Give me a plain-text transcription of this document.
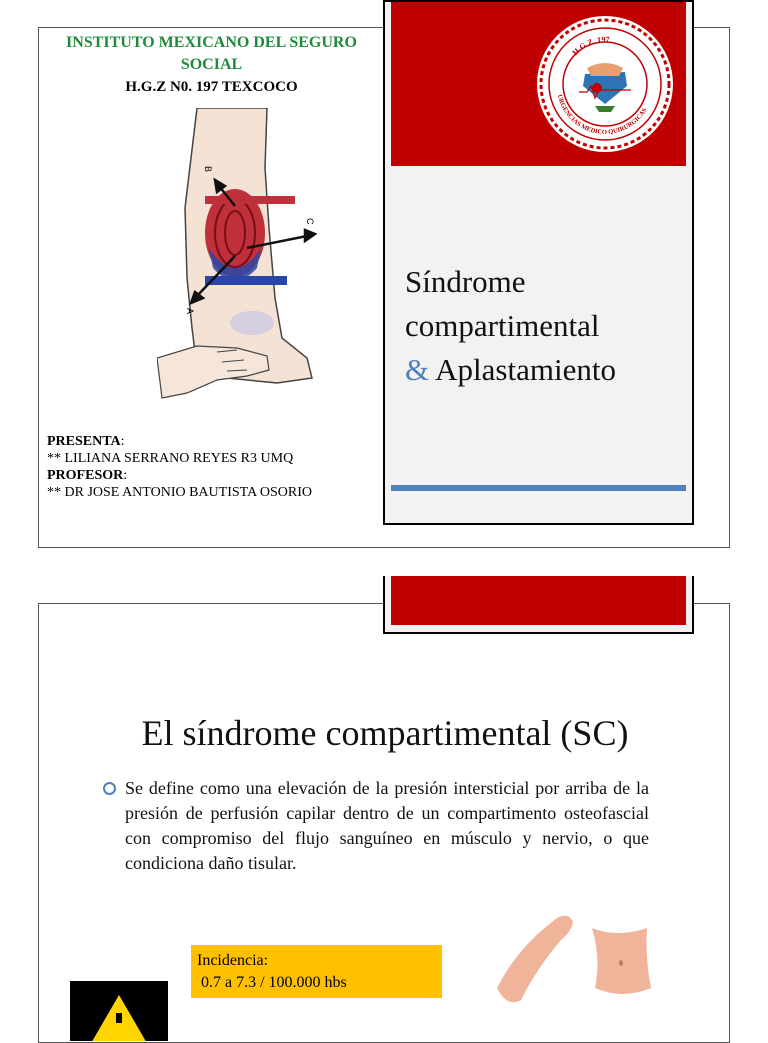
INSTITUTO MEXICANO DEL SEGURO SOCIAL
H.G.Z N0. 197 TEXCOCO
B
C
A
PRESENTA:
** LILIANA SERRANO REYES R3 UMQ
PROFESOR:
** DR JOSE ANTONIO BAUTISTA OSORIO
H.G.Z. 197
URGENCIAS MEDICO QUIRURGICAS
Síndrome
compartimental
& Aplastamiento
El síndrome compartimental (SC)
Se define como una elevación de la presión intersticial por arriba de la presión de perfusión capilar dentro de un compartimento osteofascial con compromiso del flujo sanguíneo en músculo y nervio, o que condiciona daño tisular.
Incidencia:
0.7 a 7.3 / 100.000 hbs
